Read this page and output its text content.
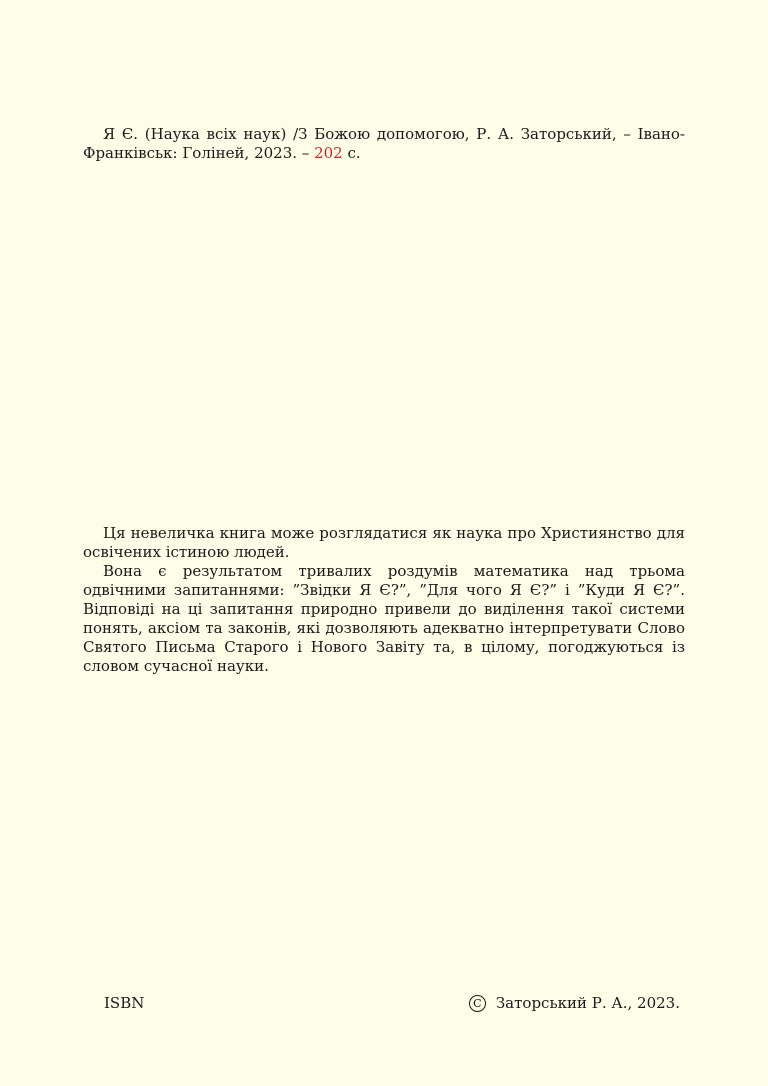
Я Є. (Наука всіх наук) /З Божою допомогою, Р. А. Заторський, – Івано-Франківськ: Голіней, 2023. – 202 с.

Ця невеличка книга може розглядатися як наука про Християнство для освічених істиною людей.

Вона є результатом тривалих роздумів математика над трьома одвічними запитаннями: ”Звідки Я Є?”, ”Для чого Я Є?” і ”Куди Я Є?”. Відповіді на ці запитання природно привели до виділення такої системи понять, аксіом та законів, які дозволяють адекватно інтерпретувати Слово Святого Письма Старого і Нового Завіту та, в цілому, погоджуються із словом сучасної науки.

ISBN	C Заторський Р. А., 2023.
